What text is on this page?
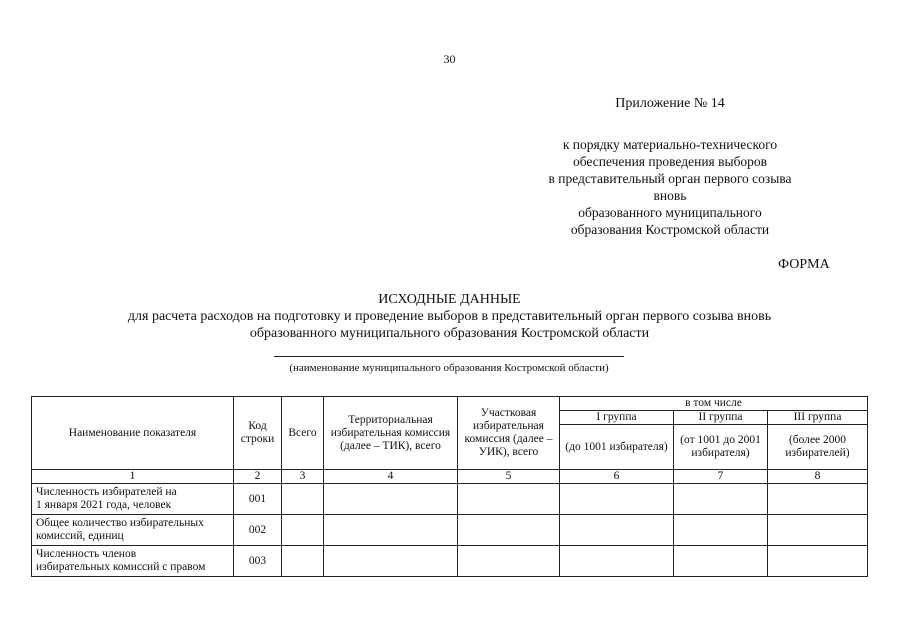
30
Приложение № 14
к порядку материально-технического
обеспечения проведения выборов
в представительный орган первого созыва вновь
образованного муниципального
образования Костромской области
ФОРМА
ИСХОДНЫЕ ДАННЫЕ
для расчета расходов на подготовку и проведение выборов в представительный орган первого созыва вновь
образованного муниципального образования Костромской области
(наименование муниципального образования Костромской области)
Наименование показателя	Код строки	Всего	Территориальная избирательная комиссия (далее – ТИК), всего	Участковая избирательная комиссия (далее – УИК), всего	в том числе		
					I группа	II группа	III группа
					(до 1001 избирателя)	(от 1001 до 2001 избирателя)	(более 2000 избирателей)
1	2	3	4	5	6	7	8

Численность избирателей на
1 января 2021 года, человек	001						

Общее количество избирательных
комиссий, единиц	002						

Численность членов
избирательных комиссий с правом	003						
